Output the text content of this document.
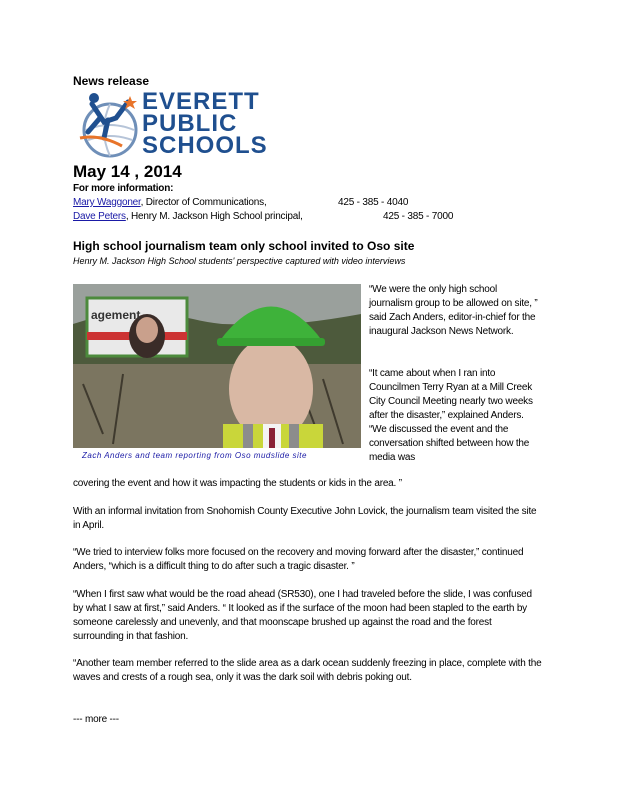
News release
EVERETT
PUBLIC
SCHOOLS
May 14 , 2014
For more information:
Mary Waggoner, Director of Communications,	425 - 385 - 4040
Dave Peters, Henry M. Jackson High School principal,	425 - 385 - 7000
High school journalism team only school invited to Oso site
Henry M. Jackson High School students' perspective captured with video interviews
agement
Zach Anders and team reporting from Oso mudslide site
“We were the only high school journalism group to be allowed on site, ” said Zach Anders, editor-in-chief for the inaugural Jackson News Network.
“It came about when I ran into Councilmen Terry Ryan at a Mill Creek City Council Meeting nearly two weeks after the disaster,” explained Anders. “We discussed the event and the conversation shifted between how the media was
covering the event and how it was impacting the students or kids in the area. ”
With an informal invitation from Snohomish County Executive John Lovick, the journalism team visited the site in April.
“We tried to interview folks more focused on the recovery and moving forward after the disaster,” continued Anders, “which is a difficult thing to do after such a tragic disaster. ”
“When I first saw what would be the road ahead (SR530), one I had traveled before the slide, I was confused by what I saw at first,” said Anders. “ It looked as if the surface of the moon had been stapled to the earth by someone carelessly and unevenly, and that moonscape brushed up against the road and the forest surrounding in that fashion.
“Another team member referred to the slide area as a dark ocean suddenly freezing in place, complete with the waves and crests of a rough sea, only it was the dark soil with debris poking out.
--- more ---
